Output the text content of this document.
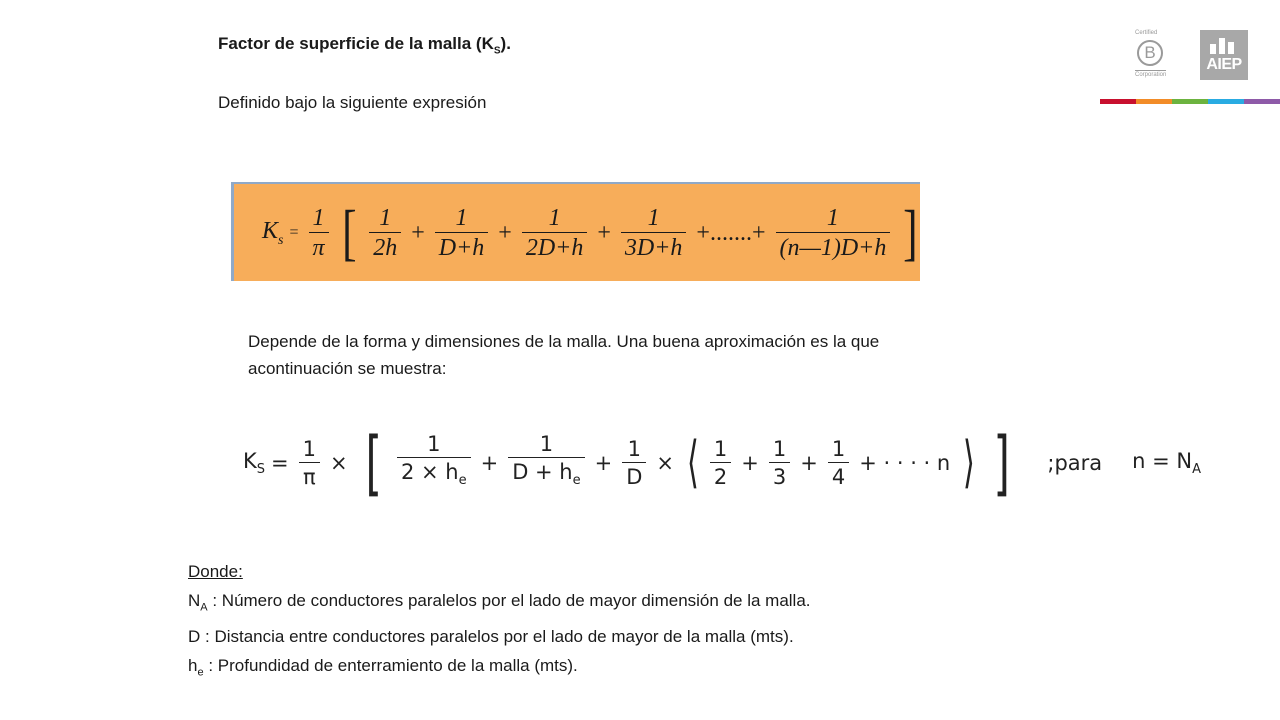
Factor de superficie de la malla $(K_S)$.
Definido bajo la siguiente expresión
Certified
B
Corporation
AIEP
$K_s = \frac{1}{\pi}$ [ $\frac{1}{2h} + \frac{1}{D+h} + \frac{1}{2D+h} + \frac{1}{3D+h}$ +.......+ $\frac{1}{(n—1)D+h}$ ]
Depende de la forma y dimensiones de la malla. Una buena aproximación es la que
acontinuación se muestra:
$K_S = \frac{1}{\pi}$ × [ $\frac{1}{2 \times h_e} + \frac{1}{D + h_e} + \frac{1}{D}$ × ⟨ $\frac{1}{2} + \frac{1}{3} + \frac{1}{4}$ + · · · · n ⟩ ] ;para $n = N_A$
Donde:
$N_A$ : Número de conductores paralelos por el lado de mayor dimensión de la malla.
D : Distancia entre conductores paralelos por el lado de mayor de la malla (mts).
$h_e$ : Profundidad de enterramiento de la malla (mts).
